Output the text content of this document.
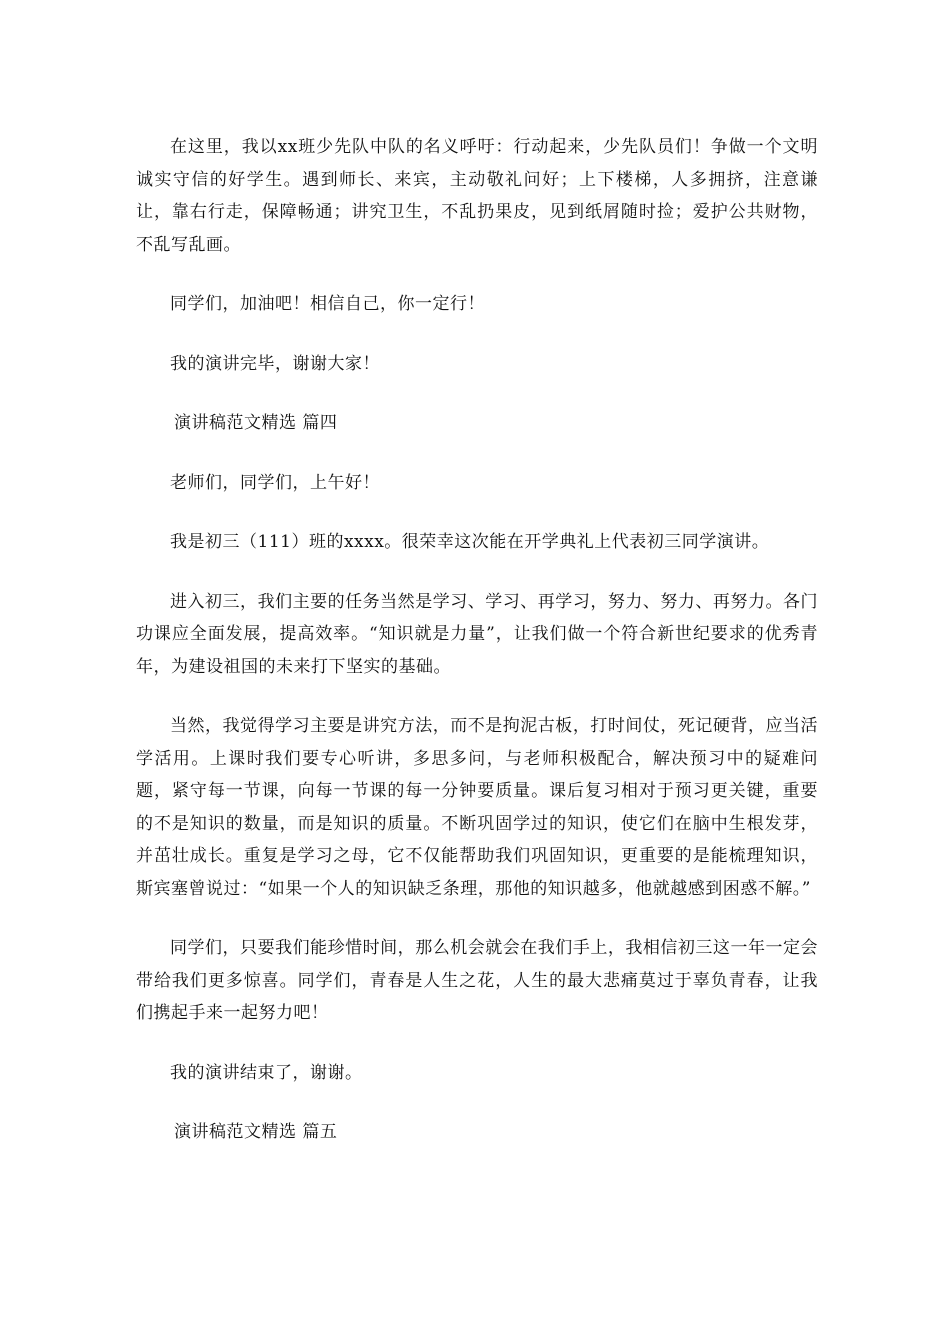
在这里，我以xx班少先队中队的名义呼吁：行动起来，少先队员们！争做一个文明诚实守信的好学生。遇到师长、来宾，主动敬礼问好；上下楼梯，人多拥挤，注意谦让，靠右行走，保障畅通；讲究卫生，不乱扔果皮，见到纸屑随时捡；爱护公共财物，不乱写乱画。

同学们，加油吧！相信自己，你一定行！

我的演讲完毕，谢谢大家！

演讲稿范文精选 篇四

老师们，同学们，上午好！

我是初三（111）班的xxxx。很荣幸这次能在开学典礼上代表初三同学演讲。

进入初三，我们主要的任务当然是学习、学习、再学习，努力、努力、再努力。各门功课应全面发展，提高效率。“知识就是力量”，让我们做一个符合新世纪要求的优秀青年，为建设祖国的未来打下坚实的基础。

当然，我觉得学习主要是讲究方法，而不是拘泥古板，打时间仗，死记硬背，应当活学活用。上课时我们要专心听讲，多思多问，与老师积极配合，解决预习中的疑难问题，紧守每一节课，向每一节课的每一分钟要质量。课后复习相对于预习更关键，重要的不是知识的数量，而是知识的质量。不断巩固学过的知识，使它们在脑中生根发芽，并茁壮成长。重复是学习之母，它不仅能帮助我们巩固知识，更重要的是能梳理知识，斯宾塞曾说过：“如果一个人的知识缺乏条理，那他的知识越多，他就越感到困惑不解。”

同学们，只要我们能珍惜时间，那么机会就会在我们手上，我相信初三这一年一定会带给我们更多惊喜。同学们，青春是人生之花，人生的最大悲痛莫过于辜负青春，让我们携起手来一起努力吧！

我的演讲结束了，谢谢。

演讲稿范文精选 篇五
